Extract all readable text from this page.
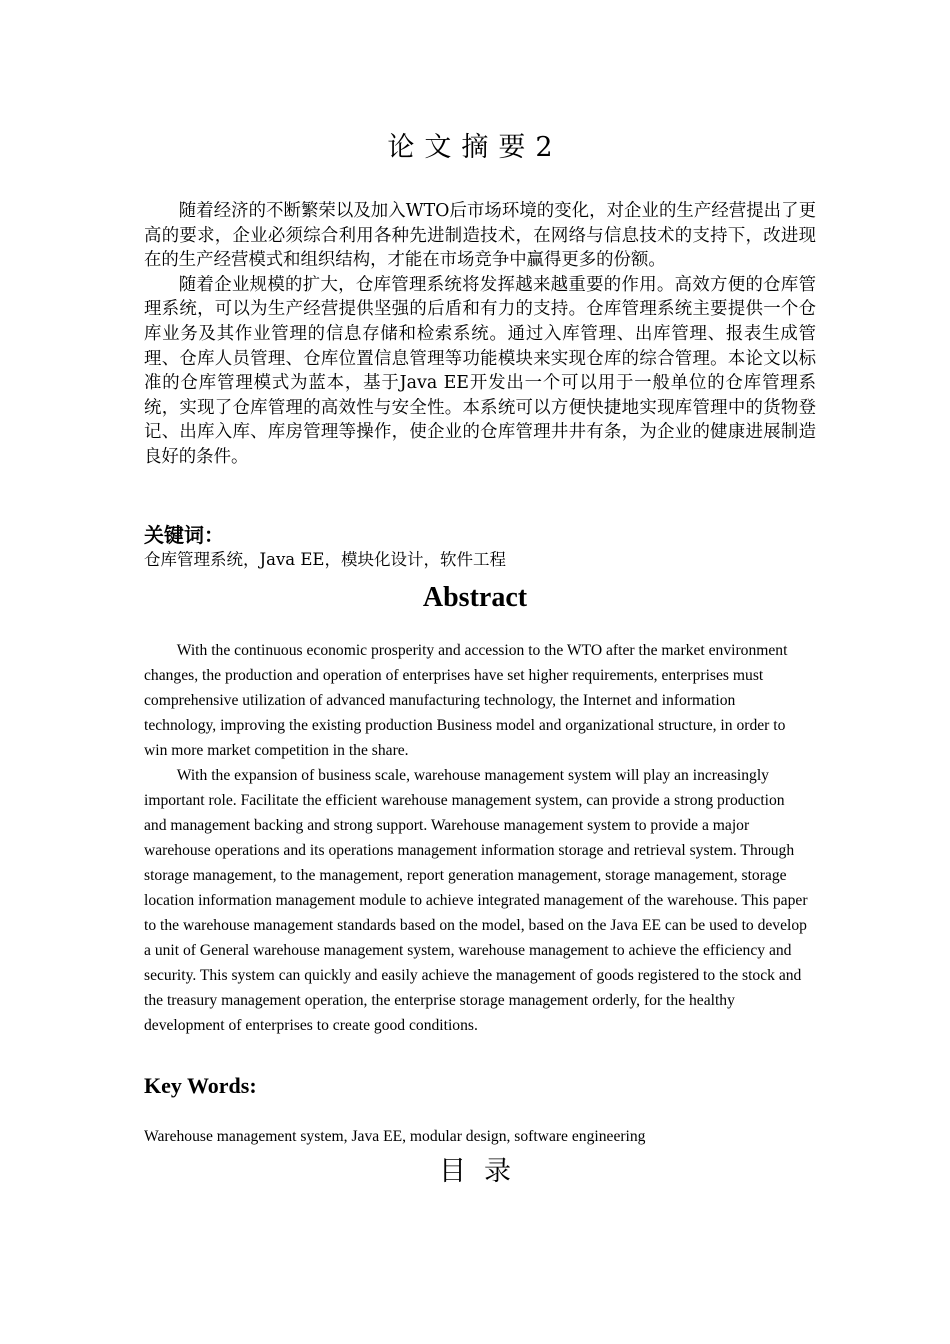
论文摘要2

随着经济的不断繁荣以及加入WTO后市场环境的变化，对企业的生产经营提出了更高的要求，企业必须综合利用各种先进制造技术，在网络与信息技术的支持下，改进现在的生产经营模式和组织结构，才能在市场竞争中赢得更多的份额。

随着企业规模的扩大，仓库管理系统将发挥越来越重要的作用。高效方便的仓库管理系统，可以为生产经营提供坚强的后盾和有力的支持。仓库管理系统主要提供一个仓库业务及其作业管理的信息存储和检索系统。通过入库管理、出库管理、报表生成管理、仓库人员管理、仓库位置信息管理等功能模块来实现仓库的综合管理。本论文以标准的仓库管理模式为蓝本，基于Java EE开发出一个可以用于一般单位的仓库管理系统，实现了仓库管理的高效性与安全性。本系统可以方便快捷地实现库管理中的货物登记、出库入库、库房管理等操作，使企业的仓库管理井井有条，为企业的健康进展制造良好的条件。

关键词：
仓库管理系统，Java EE，模块化设计，软件工程
Abstract

With the continuous economic prosperity and accession to the WTO after the market environment changes, the production and operation of enterprises have set higher requirements, enterprises must comprehensive utilization of advanced manufacturing technology, the Internet and information technology, improving the existing production Business model and organizational structure, in order to win more market competition in the share.

With the expansion of business scale, warehouse management system will play an increasingly important role. Facilitate the efficient warehouse management system, can provide a strong production and management backing and strong support. Warehouse management system to provide a major warehouse operations and its operations management information storage and retrieval system. Through storage management, to the management, report generation management, storage management, storage location information management module to achieve integrated management of the warehouse. This paper to the warehouse management standards based on the model, based on the Java EE can be used to develop a unit of General warehouse management system, warehouse management to achieve the efficiency and security. This system can quickly and easily achieve the management of goods registered to the stock and the treasury management operation, the enterprise storage management orderly, for the healthy development of enterprises to create good conditions.

Key Words:
Warehouse management system, Java EE, modular design, software engineering
目录
